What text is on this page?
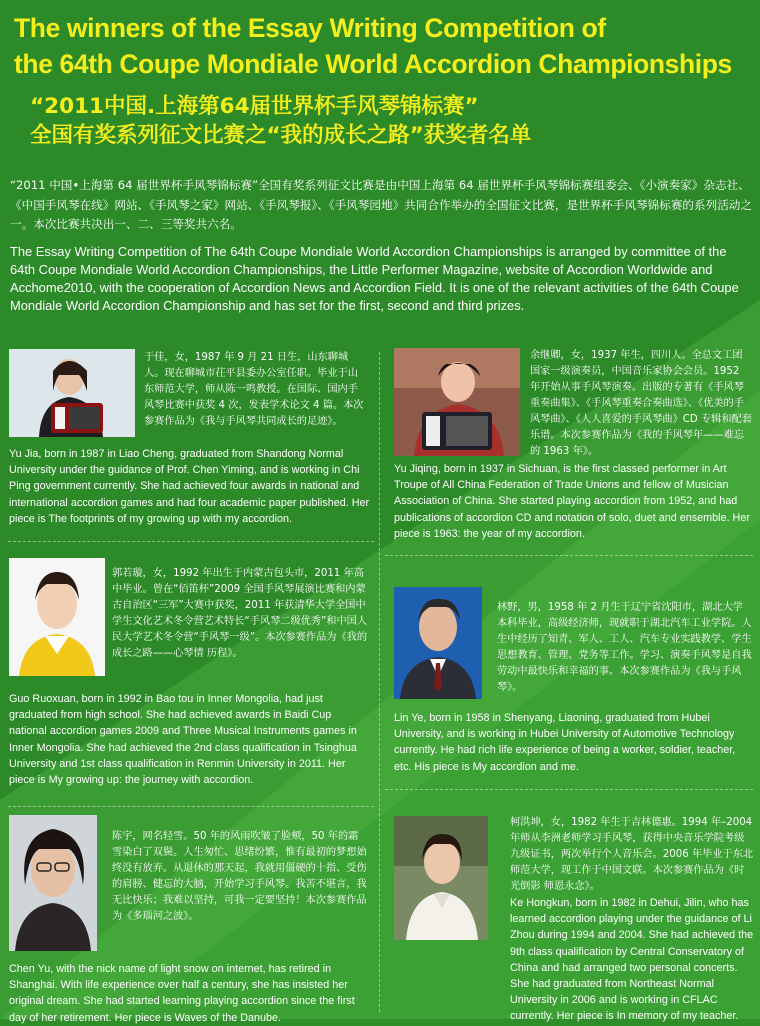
The winners of the Essay Writing Competition of
the 64th Coupe Mondiale World Accordion Championships
“2011中国.上海第64届世界杯手风琴锦标赛”
全国有奖系列征文比赛之“我的成长之路”获奖者名单

“2011 中国•上海第 64 届世界杯手风琴锦标赛”全国有奖系列征文比赛是由中国上海第 64 届世界杯手风琴锦标赛组委会、《小演奏家》杂志社、《中国手风琴在线》网站、《手风琴之家》网站、《手风琴报》、《手风琴园地》共同合作举办的全国征文比赛，是世界杯手风琴锦标赛的系列活动之一。本次比赛共决出一、二、三等奖共六名。

The Essay Writing Competition of The 64th Coupe Mondiale World Accordion Championships is arranged by committee of the 64th Coupe Mondiale World Accordion Championships, the Little Performer Magazine, website of Accordion Worldwide and Acchome2010, with the cooperation of Accordion News and Accordion Field. It is one of the relevant activities of the 64th Coupe Mondiale World Accordion Championship and has set for the first, second and third prizes.

于佳，女，1987 年 9 月 21 日生，山东聊城人。现在聊城市茌平县委办公室任职。毕业于山东师范大学，师从陈一鸣教授。在国际、国内手风琴比赛中获奖 4 次，发表学术论文 4 篇。本次参赛作品为《我与手风琴共同成长的足迹》。

Yu Jia, born in 1987 in Liao Cheng, graduated from Shandong Normal University under the guidance of Prof. Chen Yiming, and is working in Chi Ping government currently. She had achieved four awards in national and international accordion games and had four academic paper published. Her piece is The footprints of my growing up with my accordion.

余继卿，女，1937 年生，四川人。全总文工团国家一级演奏员，中国音乐家协会会员。1952 年开始从事手风琴演奏。出版的专著有《手风琴重奏曲集》、《手风琴重奏合奏曲选》、《优美的手风琴曲》、《人人喜爱的手风琴曲》CD 专辑和配套乐谱。本次参赛作品为《我的手风琴年——难忘的 1963 年》。

Yu Jiqing, born in 1937 in Sichuan, is the first classed performer in Art Troupe of All China Federation of Trade Unions and fellow of Musician Association of China. She started playing accordion from 1952, and had publications of accordion CD and notation of solo, duet and ensemble. Her piece is 1963: the year of my accordion.

郭若璇，女，1992 年出生于内蒙古包头市，2011 年高中毕业。曾在“佰笛杯”2009 全国手风琴展演比赛和内蒙古自治区“三军”大赛中获奖，2011 年获清华大学全国中学生文化艺术冬令营艺术特长“手风琴二级优秀”和中国人民大学艺术冬令营“手风琴一级”。本次参赛作品为《我的成长之路——心琴情 历程》。

Guo Ruoxuan, born in 1992 in Bao tou in Inner Mongolia, had just graduated from high school. She had achieved awards in Baidi Cup national accordion games 2009 and Three Musical Instruments games in Inner Mongolia. She had achieved the 2nd class qualification in Tsinghua University and 1st class qualification in Renmin University in 2011. Her piece is My growing up: the journey with accordion.

林野，男，1958 年 2 月生于辽宁省沈阳市，湖北大学本科毕业，高级经济师，现就职于湖北汽车工业学院。人生中经历了知青、军人、工人、汽车专业实践教学、学生思想教育、管理、党务等工作。学习、演奏手风琴是自我劳动中最快乐和幸福的事。本次参赛作品为《我与手风琴》。

Lin Ye, born in 1958 in Shenyang, Liaoning, graduated from Hubei University, and is working in Hubei University of Automotive Technology currently. He had rich life experience of being a worker, soldier, teacher, etc. His piece is My accordion and me.

陈宇，网名轻雪。50 年的风雨吹皱了脸颊，50 年的霜雪染白了双鬓。人生匆忙、思绪纷繁，惟有最初的梦想始终没有放弃。从退休的那天起，我就用僵硬的十指、受伤的肩膀、健忘的大脑，开始学习手风琴。我苦不堪言，我无比快乐；我难以坚持，可我一定要坚持！本次参赛作品为《多瑙河之波》。

Chen Yu, with the nick name of light snow on internet, has retired in Shanghai. With life experience over half a century, she has insisted her original dream. She had started learning playing accordion since the first day of her retirement. Her piece is Waves of the Danube.

柯洪坤，女，1982 年生于吉林德惠。1994 年–2004 年师从李洲老师学习手风琴，获得中央音乐学院考级九级证书，两次举行个人音乐会。2006 年毕业于东北师范大学，现工作于中国文联。本次参赛作品为《时光倒影 师恩永念》。

Ke Hongkun, born in 1982 in Dehui, Jilin, who has learned accordion playing under the guidance of Li Zhou during 1994 and 2004. She had achieved the 9th class qualification by Central Conservatory of China and had arranged two personal concerts. She had graduated from Northeast Normal University in 2006 and is working in CFLAC currently. Her piece is In memory of my teacher.
